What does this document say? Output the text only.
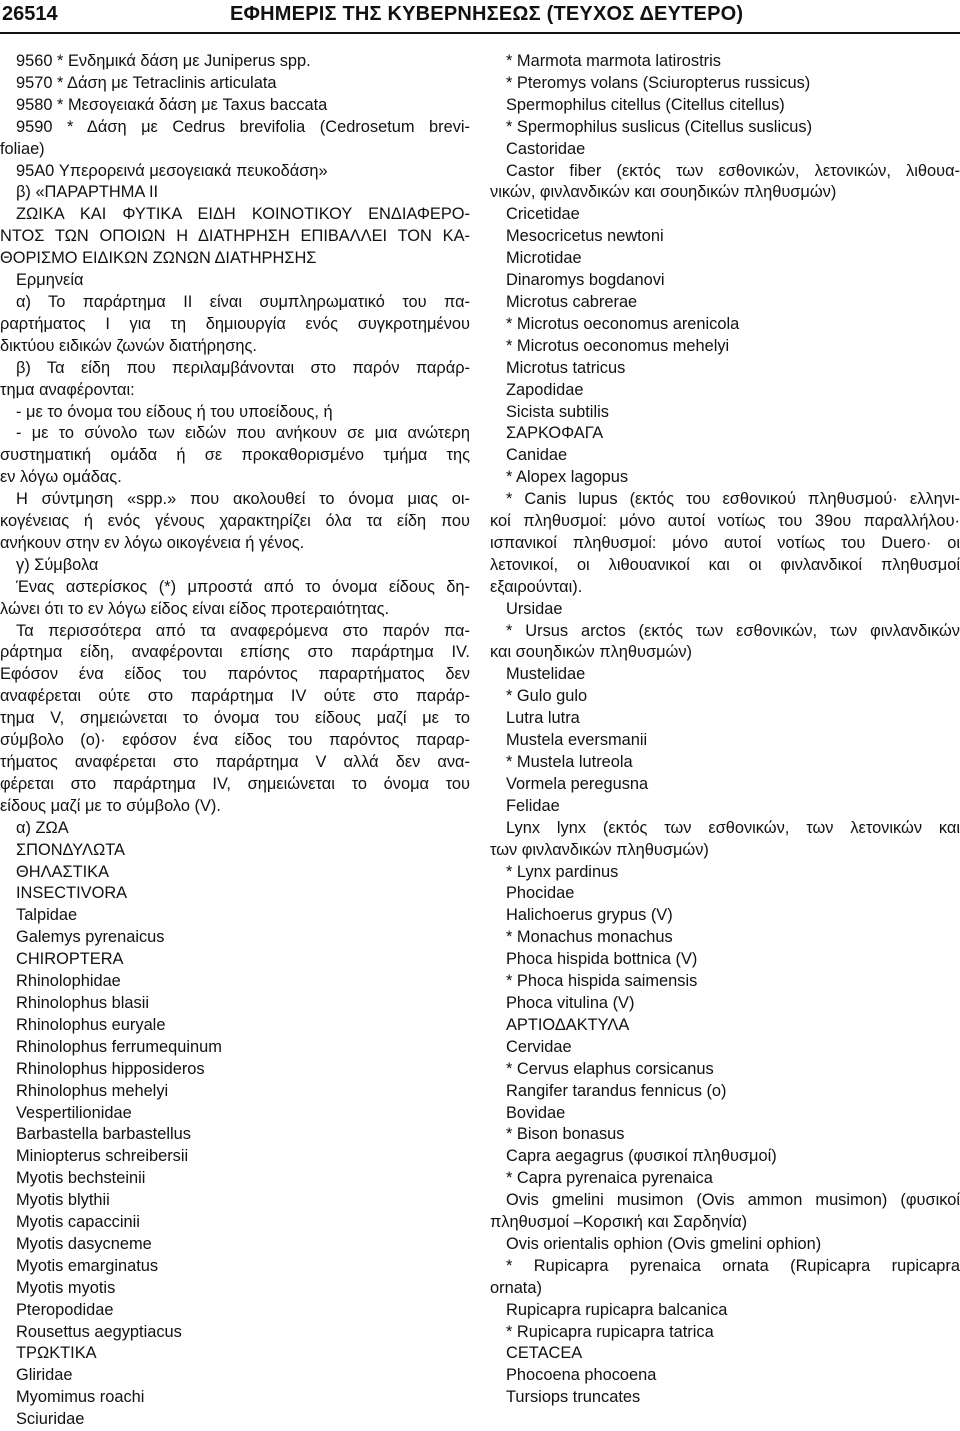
26514	ΕΦΗΜΕΡΙΣ ΤΗΣ ΚΥΒΕΡΝΗΣΕΩΣ (ΤΕΥΧΟΣ ΔΕΥΤΕΡΟ)
9560 * Ενδημικά δάση με Juniperus spp.
9570 * Δάση με Tetraclinis articulata
9580 * Μεσογειακά δάση με Taxus baccata
9590 * Δάση με Cedrus brevifolia (Cedrosetum brevi-
foliae)
95A0 Υπερορεινά μεσογειακά πευκοδάση»
β) «ΠΑΡΑΡΤΗΜΑ ΙΙ
ΖΩΙΚΑ ΚΑΙ ΦΥΤΙΚΑ ΕΙΔΗ ΚΟΙΝΟΤΙΚΟΥ ΕΝΔΙΑΦΕΡΟ-
ΝΤΟΣ ΤΩΝ ΟΠΟΙΩΝ Η ΔΙΑΤΗΡΗΣΗ ΕΠΙΒΑΛΛΕΙ ΤΟΝ ΚΑ-
ΘΟΡΙΣΜΟ ΕΙΔΙΚΩΝ ΖΩΝΩΝ ΔΙΑΤΗΡΗΣΗΣ
Ερμηνεία
α) Το παράρτημα ΙΙ είναι συμπληρωματικό του πα-
ραρτήματος Ι για τη δημιουργία ενός συγκροτημένου
δικτύου ειδικών ζωνών διατήρησης.
β) Τα είδη που περιλαμβάνονται στο παρόν παράρ-
τημα αναφέρονται:
- με το όνομα του είδους ή του υποείδους, ή
- με το σύνολο των ειδών που ανήκουν σε μια ανώτερη
συστηματική ομάδα ή σε προκαθορισμένο τμήμα της
εν λόγω ομάδας.
Η σύντμηση «spp.» που ακολουθεί το όνομα μιας οι-
κογένειας ή ενός γένους χαρακτηρίζει όλα τα είδη που
ανήκουν στην εν λόγω οικογένεια ή γένος.
γ) Σύμβολα
Ένας αστερίσκος (*) μπροστά από το όνομα είδους δη-
λώνει ότι το εν λόγω είδος είναι είδος προτεραιότητας.
Τα περισσότερα από τα αναφερόμενα στο παρόν πα-
ράρτημα είδη, αναφέρονται επίσης στο παράρτημα IV.
Εφόσον ένα είδος του παρόντος παραρτήματος δεν
αναφέρεται ούτε στο παράρτημα IV ούτε στο παράρ-
τημα V, σημειώνεται το όνομα του είδους μαζί με το
σύμβολο (ο)· εφόσον ένα είδος του παρόντος παραρ-
τήματος αναφέρεται στο παράρτημα V αλλά δεν ανα-
φέρεται στο παράρτημα IV, σημειώνεται το όνομα του
είδους μαζί με το σύμβολο (V).
α) ΖΩΑ
ΣΠΟΝΔΥΛΩΤΑ
ΘΗΛΑΣΤΙΚΑ
INSECTIVORA
Talpidae
Galemys pyrenaicus
CHIROPTERA
Rhinolophidae
Rhinolophus blasii
Rhinolophus euryale
Rhinolophus ferrumequinum
Rhinolophus hipposideros
Rhinolophus mehelyi
Vespertilionidae
Barbastella barbastellus
Miniopterus schreibersii
Myotis bechsteinii
Myotis blythii
Myotis capaccinii
Myotis dasycneme
Myotis emarginatus
Myotis myotis
Pteropodidae
Rousettus aegyptiacus
ΤΡΩΚΤΙΚΑ
Gliridae
Myomimus roachi
Sciuridae
* Marmota marmota latirostris
* Pteromys volans (Sciuropterus russicus)
Spermophilus citellus (Citellus citellus)
* Spermophilus suslicus (Citellus suslicus)
Castoridae
Castor fiber (εκτός των εσθονικών, λετονικών, λιθουα-
νικών, φινλανδικών και σουηδικών πληθυσμών)
Cricetidae
Mesocricetus newtoni
Microtidae
Dinaromys bogdanovi
Microtus cabrerae
* Microtus oeconomus arenicola
* Microtus oeconomus mehelyi
Microtus tatricus
Zapodidae
Sicista subtilis
ΣΑΡΚΟΦΑΓΑ
Canidae
* Alopex lagopus
* Canis lupus (εκτός του εσθονικού πληθυσμού· ελληνι-
κοί πληθυσμοί: μόνο αυτοί νοτίως του 39ου παραλλήλου·
ισπανικοί πληθυσμοί: μόνο αυτοί νοτίως του Duero· οι
λετονικοί, οι λιθουανικοί και οι φινλανδικοί πληθυσμοί
εξαιρούνται).
Ursidae
* Ursus arctos (εκτός των εσθονικών, των φινλανδικών
και σουηδικών πληθυσμών)
Mustelidae
* Gulo gulo
Lutra lutra
Mustela eversmanii
* Mustela lutreola
Vormela peregusna
Felidae
Lynx lynx (εκτός των εσθονικών, των λετονικών και
των φινλανδικών πληθυσμών)
* Lynx pardinus
Phocidae
Halichoerus grypus (V)
* Monachus monachus
Phoca hispida bottnica (V)
* Phoca hispida saimensis
Phoca vitulina (V)
ΑΡΤΙΟΔΑΚΤΥΛΑ
Cervidae
* Cervus elaphus corsicanus
Rangifer tarandus fennicus (o)
Bovidae
* Bison bonasus
Capra aegagrus (φυσικοί πληθυσμοί)
* Capra pyrenaica pyrenaica
Ovis gmelini musimon (Ovis ammon musimon) (φυσικοί
πληθυσμοί –Κορσική και Σαρδηνία)
Ovis orientalis ophion (Ovis gmelini ophion)
* Rupicapra pyrenaica ornata (Rupicapra rupicapra
ornata)
Rupicapra rupicapra balcanica
* Rupicapra rupicapra tatrica
CETACEA
Phocoena phocoena
Tursiops truncates
